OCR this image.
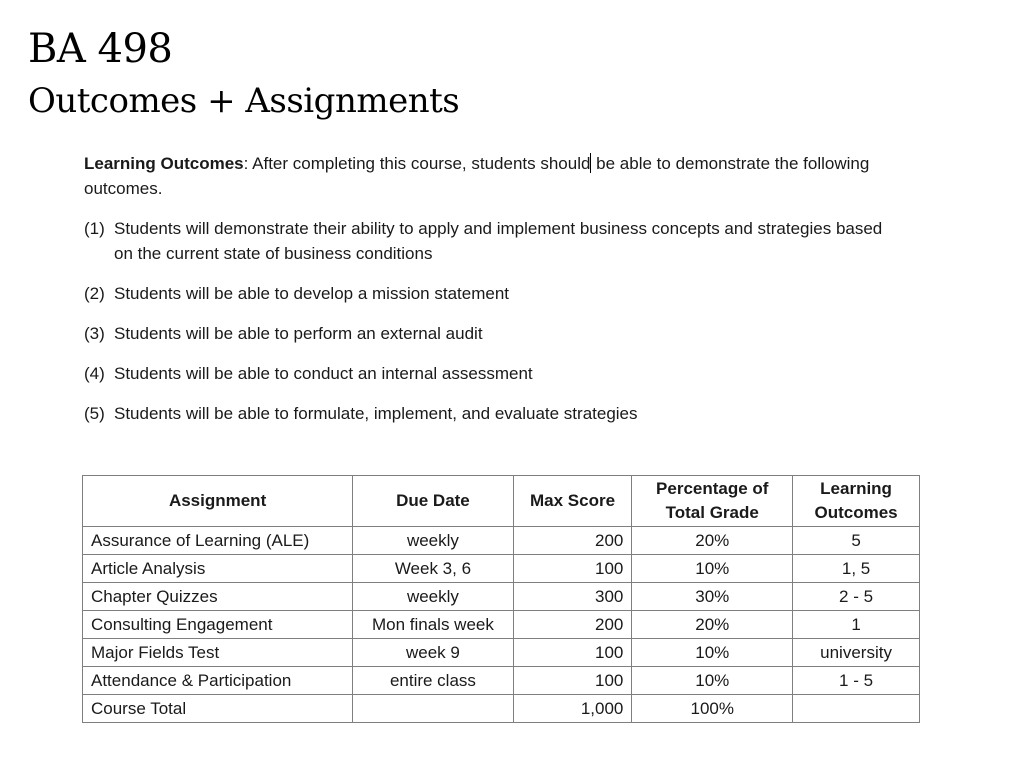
BA 498
Outcomes + Assignments

Learning Outcomes: After completing this course, students should be able to demonstrate the following outcomes.

(1) Students will demonstrate their ability to apply and implement business concepts and strategies based on the current state of business conditions
(2) Students will be able to develop a mission statement
(3) Students will be able to perform an external audit
(4) Students will be able to conduct an internal assessment
(5) Students will be able to formulate, implement, and evaluate strategies
Assignment	Due Date	Max Score	Percentage of Total Grade	Learning Outcomes
Assurance of Learning (ALE)	weekly	200	20%	5
Article Analysis	Week 3, 6	100	10%	1, 5
Chapter Quizzes	weekly	300	30%	2 - 5
Consulting Engagement	Mon finals week	200	20%	1
Major Fields Test	week 9	100	10%	university
Attendance & Participation	entire class	100	10%	1 - 5
Course Total		1,000	100%	
